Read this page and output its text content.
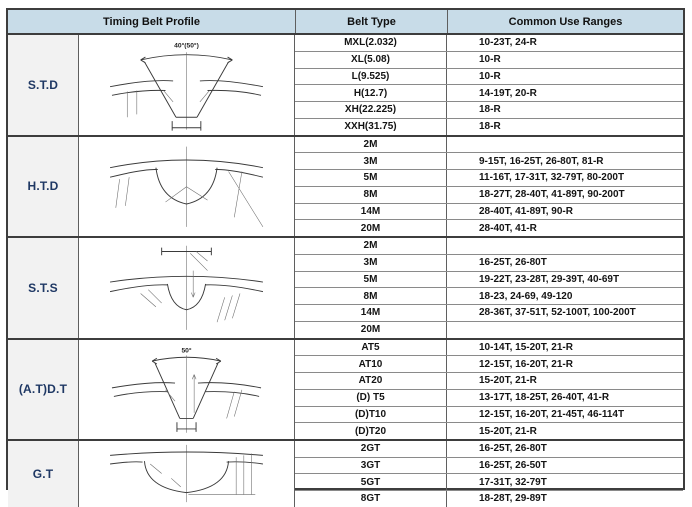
Timing Belt Profile	Belt Type	Common Use Ranges
S.T.D
40°(50°)	MXL(2.032)	10-23T, 24-R
XL(5.08)	10-R
L(9.525)	10-R
H(12.7)	14-19T, 20-R
XH(22.225)	18-R
XXH(31.75)	18-R
H.T.D
2M
3M	9-15T, 16-25T, 26-80T, 81-R
5M	11-16T, 17-31T, 32-79T, 80-200T
8M	18-27T, 28-40T, 41-89T, 90-200T
14M	28-40T, 41-89T, 90-R
20M	28-40T, 41-R
S.T.S
2M
3M	16-25T, 26-80T
5M	19-22T, 23-28T, 29-39T, 40-69T
8M	18-23, 24-69, 49-120
14M	28-36T, 37-51T, 52-100T, 100-200T
20M
(A.T)D.T
50°	AT5	10-14T, 15-20T, 21-R
AT10	12-15T, 16-20T, 21-R
AT20	15-20T, 21-R
(D) T5	13-17T, 18-25T, 26-40T, 41-R
(D)T10	12-15T, 16-20T, 21-45T, 46-114T
(D)T20	15-20T, 21-R
G.T
2GT	16-25T, 26-80T
3GT	16-25T, 26-50T
5GT	17-31T, 32-79T
8GT	18-28T, 29-89T
